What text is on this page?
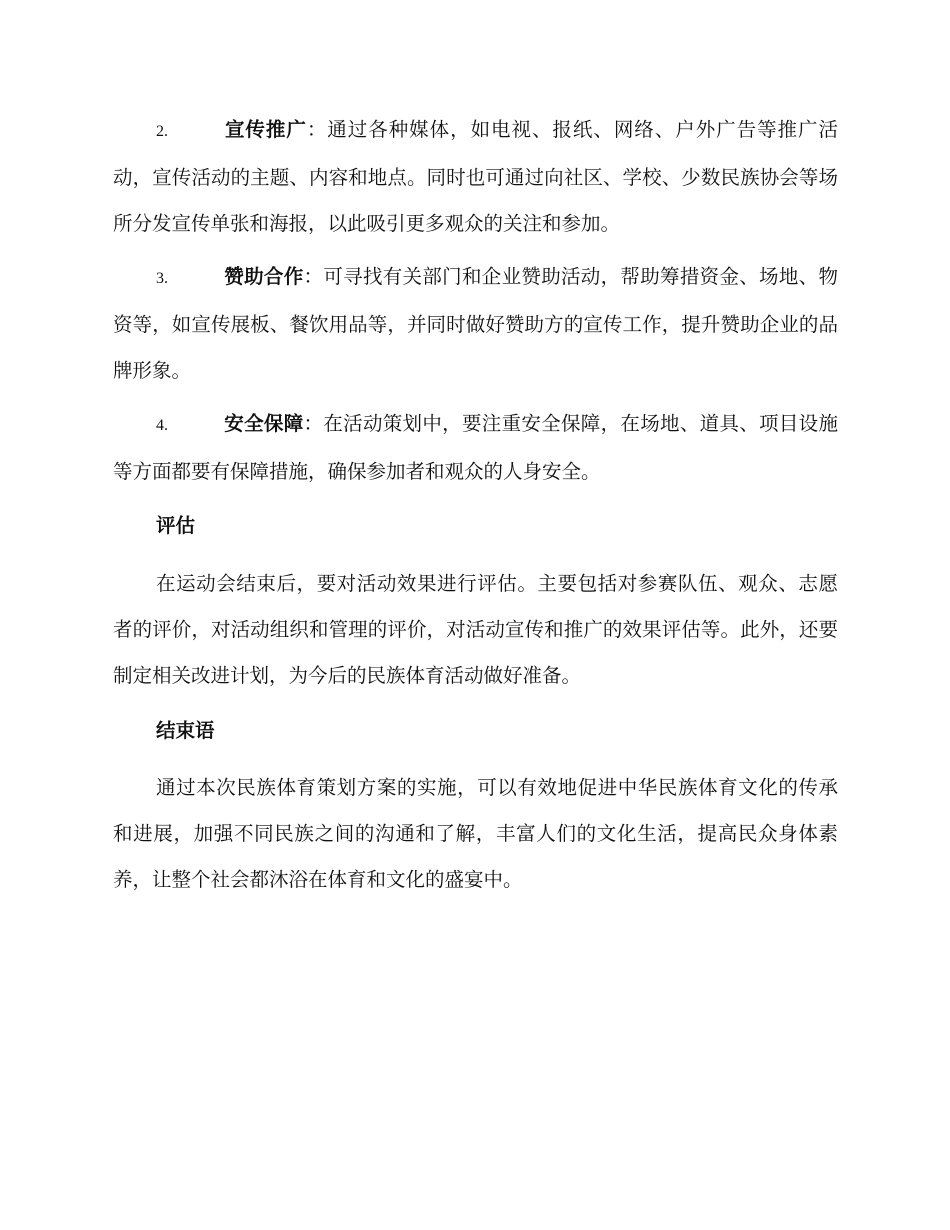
2.	宣传推广：通过各种媒体，如电视、报纸、网络、户外广告等推广活动，宣传活动的主题、内容和地点。同时也可通过向社区、学校、少数民族协会等场所分发宣传单张和海报，以此吸引更多观众的关注和参加。
3.	赞助合作：可寻找有关部门和企业赞助活动，帮助筹措资金、场地、物资等，如宣传展板、餐饮用品等，并同时做好赞助方的宣传工作，提升赞助企业的品牌形象。
4.	安全保障：在活动策划中，要注重安全保障，在场地、道具、项目设施等方面都要有保障措施，确保参加者和观众的人身安全。
评估
在运动会结束后，要对活动效果进行评估。主要包括对参赛队伍、观众、志愿者的评价，对活动组织和管理的评价，对活动宣传和推广的效果评估等。此外，还要制定相关改进计划，为今后的民族体育活动做好准备。
结束语
通过本次民族体育策划方案的实施，可以有效地促进中华民族体育文化的传承和进展，加强不同民族之间的沟通和了解，丰富人们的文化生活，提高民众身体素养，让整个社会都沐浴在体育和文化的盛宴中。
